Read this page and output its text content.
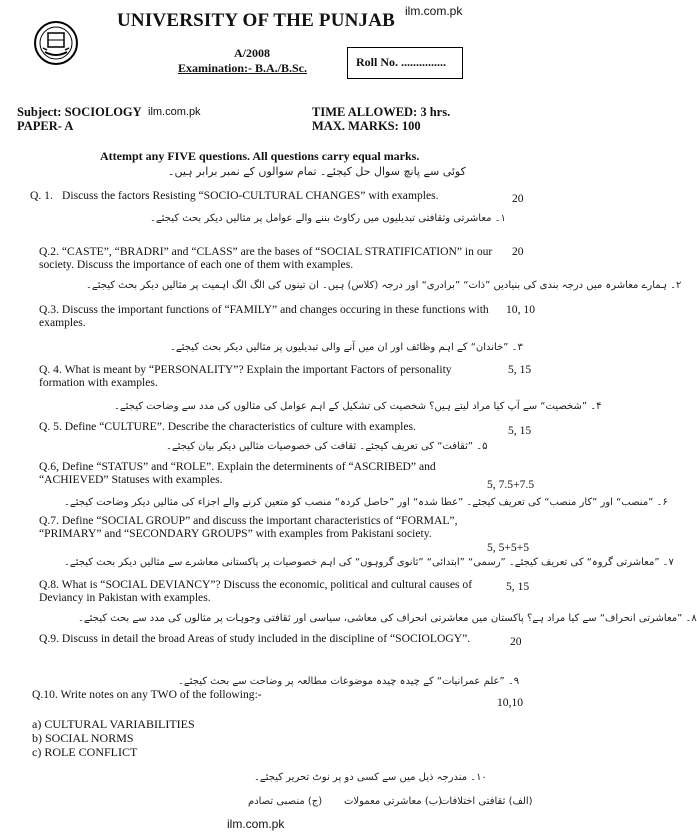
ilm.com.pk
UNIVERSITY OF THE PUNJAB
A/2008
Examination:- B.A./B.Sc.	Roll No. ...............
Subject: SOCIOLOGY ilm.com.pk
PAPER- A
TIME ALLOWED: 3 hrs.
MAX. MARKS: 100
Attempt any FIVE questions. All questions carry equal marks.
کوئی سے پانچ سوال حل کیجئے۔ تمام سوالوں کے نمبر برابر ہیں۔
Q. 1. Discuss the factors Resisting “SOCIO-CULTURAL CHANGES” with examples.	20
۱۔ معاشرتی وثقافتی تبدیلیوں میں رکاوٹ بننے والے عوامل پر مثالیں دیکر بحث کیجئے۔
Q.2. “CASTE”, “BRADRI” and “CLASS” are the bases of “SOCIAL STRATIFICATION” in our society. Discuss the importance of each one of them with examples.
20
۲۔ ہمارے معاشرہ میں درجہ بندی کی بنیادیں ”ذات“ ”برادری“ اور درجہ (کلاس) ہیں۔ ان تینوں کی الگ الگ اہمیت پر مثالیں دیکر بحث کیجئے۔
Q.3. Discuss the important functions of “FAMILY” and changes occuring in these functions with examples.
10, 10
۳۔ ”خاندان“ کے اہم وظائف اور ان میں آنے والی تبدیلیوں پر مثالیں دیکر بحث کیجئے۔
Q. 4. What is meant by “PERSONALITY”? Explain the important Factors of personality formation with examples.
5, 15
۴۔ ”شخصیت“ سے آپ کیا مراد لیتے ہیں؟ شخصیت کی تشکیل کے اہم عوامل کی مثالوں کی مدد سے وضاحت کیجئے۔
Q. 5. Define “CULTURE”. Describe the characteristics of culture with examples.	5, 15
۵۔ ”ثقافت“ کی تعریف کیجئے۔ ثقافت کی خصوصیات مثالیں دیکر بیان کیجئے۔
Q.6, Define “STATUS” and “ROLE”. Explain the determinents of “ASCRIBED” and “ACHIEVED” Statuses with examples.	5, 7.5+7.5
۶۔ ”منصب“ اور ”کار منصب“ کی تعریف کیجئے۔ ”عطا شدہ“ اور ”حاصل کردہ“ منصب کو متعین کرنے والے اجزاء کی مثالیں دیکر وضاحت کیجئے۔
Q.7. Define “SOCIAL GROUP” and discuss the important characteristics of “FORMAL”, “PRIMARY” and “SECONDARY GROUPS” with examples from Pakistani society.
5, 5+5+5
۷۔ ”معاشرتی گروہ“ کی تعریف کیجئے۔ ”رسمی“ ”ابتدائی“ ”ثانوی گروہوں“ کی اہم خصوصیات پر پاکستانی معاشرے سے مثالیں دیکر بحث کیجئے۔
Q.8. What is “SOCIAL DEVIANCY”? Discuss the economic, political and cultural causes of Deviancy in Pakistan with examples.
5, 15
۸۔ ”معاشرتی انحراف“ سے کیا مراد ہے؟ پاکستان میں معاشرتی انحراف کی معاشی، سیاسی اور ثقافتی وجوہات پر مثالوں کی مدد سے بحث کیجئے۔
Q.9. Discuss in detail the broad Areas of study included in the discipline of “SOCIOLOGY”.	20
۹۔ ”علم عمرانیات“ کے چیدہ چیدہ موضوعات مطالعہ پر وضاحت سے بحث کیجئے۔
Q.10. Write notes on any TWO of the following:-
10,10
a) CULTURAL VARIABILITIES
b) SOCIAL NORMS
c) ROLE CONFLICT
۱۰۔ مندرجہ ذیل میں سے کسی دو پر نوٹ تحریر کیجئے۔
(الف) ثقافتی اختلافات
(ب) معاشرتی معمولات
(ج) منصبی تصادم
ilm.com.pk
